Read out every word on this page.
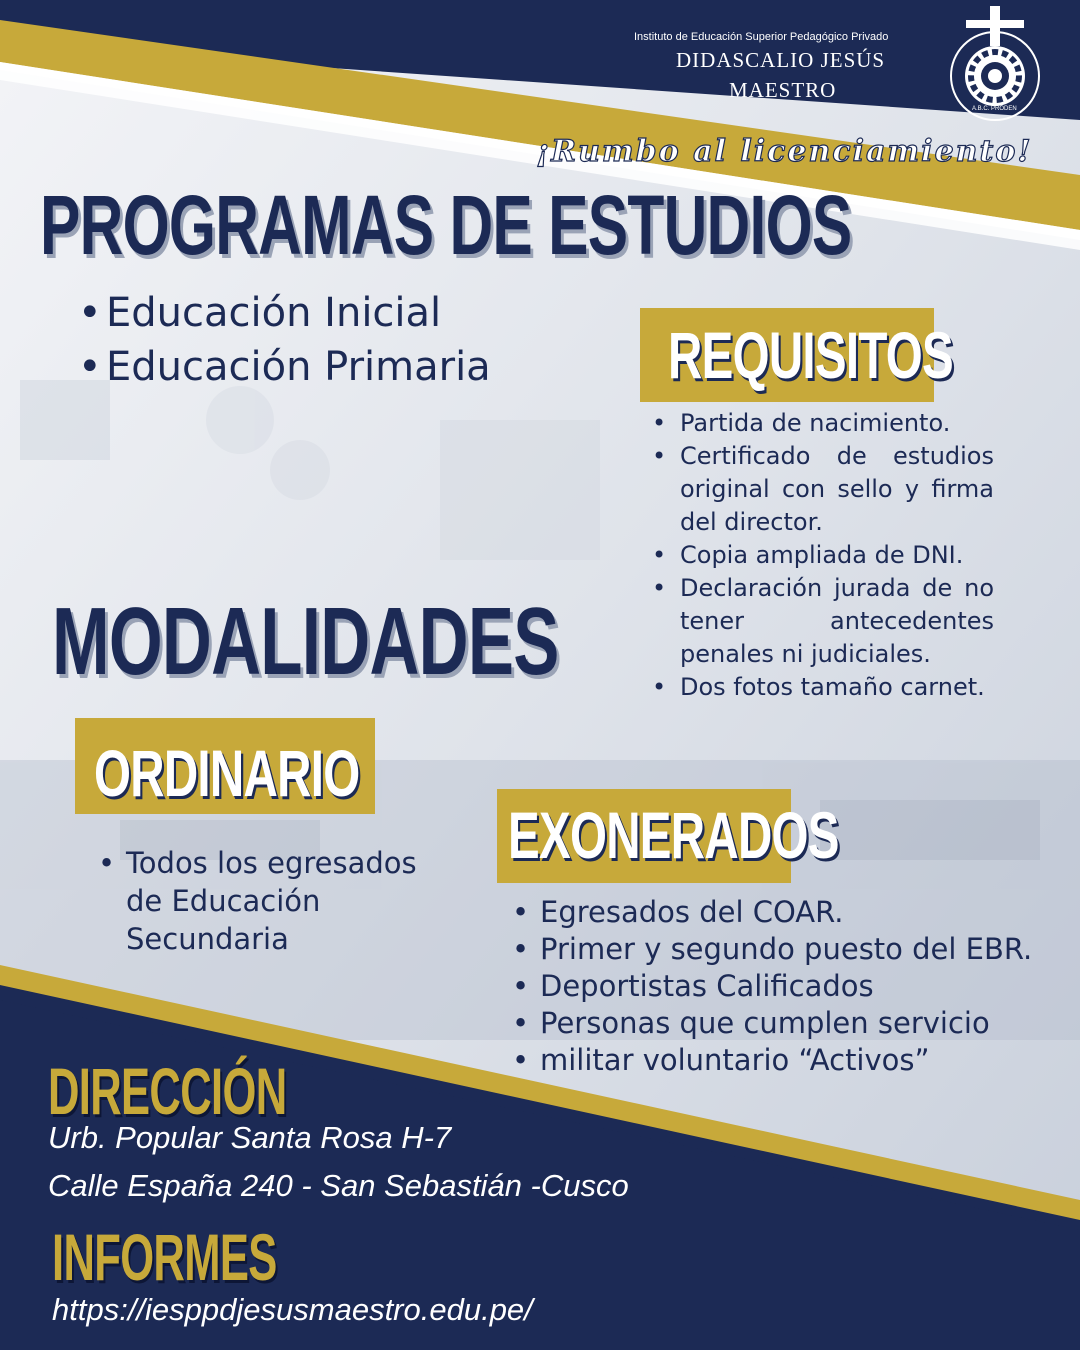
Instituto de Educación Superior Pedagógico Privado
DIDASCALIO JESÚS
MAESTRO
A.B.C. PRODEN
¡Rumbo al licenciamiento!
PROGRAMAS DE ESTUDIOS
• Educación Inicial
• Educación Primaria	REQUISITOS
• Partida de nacimiento.
• Certificado de estudios original con sello y firma del director.
• Copia ampliada de DNI.
• Declaración jurada de no tener antecedentes penales ni judiciales.
• Dos fotos tamaño carnet.
MODALIDADES
ORDINARIO
• Todos los egresados de Educación Secundaria
EXONERADOS
• Egresados del COAR.
• Primer y segundo puesto del EBR.
• Deportistas Calificados
• Personas que cumplen servicio
• militar voluntario “Activos”
DIRECCIÓN
Urb. Popular Santa Rosa H-7
Calle España 240 - San Sebastián -Cusco
INFORMES
https://iesppdjesusmaestro.edu.pe/
